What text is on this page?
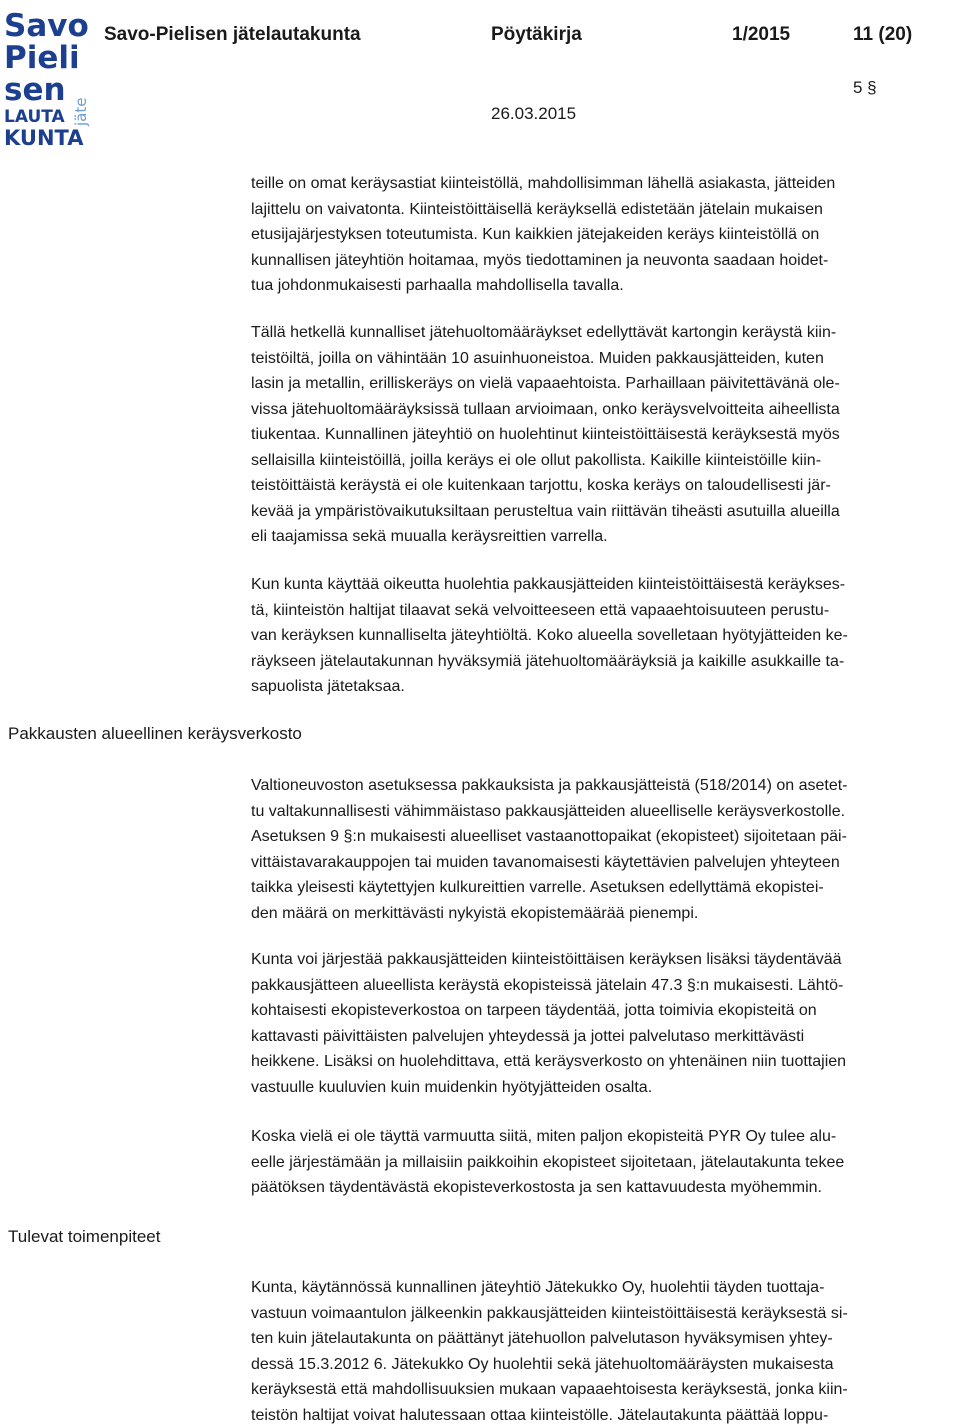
Savo
Pieli
sen
LAUTA jäte
KUNTA
Savo-Pielisen jätelautakunta	Pöytäkirja	1/2015	11 (20)
5 §
26.03.2015
Pakkausten alueellinen keräysverkosto
Tulevat toimenpiteet
teille on omat keräysastiat kiinteistöllä, mahdollisimman lähellä asiakasta, jätteiden
lajittelu on vaivatonta. Kiinteistöittäisellä keräyksellä edistetään jätelain mukaisen
etusijajärjestyksen toteutumista. Kun kaikkien jätejakeiden keräys kiinteistöllä on
kunnallisen jäteyhtiön hoitamaa, myös tiedottaminen ja neuvonta saadaan hoidet-
tua johdonmukaisesti parhaalla mahdollisella tavalla.
Tällä hetkellä kunnalliset jätehuoltomääräykset edellyttävät kartongin keräystä kiin-
teistöiltä, joilla on vähintään 10 asuinhuoneistoa. Muiden pakkausjätteiden, kuten
lasin ja metallin, erilliskeräys on vielä vapaaehtoista. Parhaillaan päivitettävänä ole-
vissa jätehuoltomääräyksissä tullaan arvioimaan, onko keräysvelvoitteita aiheellista
tiukentaa. Kunnallinen jäteyhtiö on huolehtinut kiinteistöittäisestä keräyksestä myös
sellaisilla kiinteistöillä, joilla keräys ei ole ollut pakollista. Kaikille kiinteistöille kiin-
teistöittäistä keräystä ei ole kuitenkaan tarjottu, koska keräys on taloudellisesti jär-
kevää ja ympäristövaikutuksiltaan perusteltua vain riittävän tiheästi asutuilla alueilla
eli taajamissa sekä muualla keräysreittien varrella.
Kun kunta käyttää oikeutta huolehtia pakkausjätteiden kiinteistöittäisestä keräykses-
tä, kiinteistön haltijat tilaavat sekä velvoitteeseen että vapaaehtoisuuteen perustu-
van keräyksen kunnalliselta jäteyhtiöltä. Koko alueella sovelletaan hyötyjätteiden ke-
räykseen jätelautakunnan hyväksymiä jätehuoltomääräyksiä ja kaikille asukkaille ta-
sapuolista jätetaksaa.
Valtioneuvoston asetuksessa pakkauksista ja pakkausjätteistä (518/2014) on asetet-
tu valtakunnallisesti vähimmäistaso pakkausjätteiden alueelliselle keräysverkostolle.
Asetuksen 9 §:n mukaisesti alueelliset vastaanottopaikat (ekopisteet) sijoitetaan päi-
vittäistavarakauppojen tai muiden tavanomaisesti käytettävien palvelujen yhteyteen
taikka yleisesti käytettyjen kulkureittien varrelle. Asetuksen edellyttämä ekopistei-
den määrä on merkittävästi nykyistä ekopistemäärää pienempi.
Kunta voi järjestää pakkausjätteiden kiinteistöittäisen keräyksen lisäksi täydentävää
pakkausjätteen alueellista keräystä ekopisteissä jätelain 47.3 §:n mukaisesti. Lähtö-
kohtaisesti ekopisteverkostoa on tarpeen täydentää, jotta toimivia ekopisteitä on
kattavasti päivittäisten palvelujen yhteydessä ja jottei palvelutaso merkittävästi
heikkene. Lisäksi on huolehdittava, että keräysverkosto on yhtenäinen niin tuottajien
vastuulle kuuluvien kuin muidenkin hyötyjätteiden osalta.
Koska vielä ei ole täyttä varmuutta siitä, miten paljon ekopisteitä PYR Oy tulee alu-
eelle järjestämään ja millaisiin paikkoihin ekopisteet sijoitetaan, jätelautakunta tekee
päätöksen täydentävästä ekopisteverkostosta ja sen kattavuudesta myöhemmin.
Kunta, käytännössä kunnallinen jäteyhtiö Jätekukko Oy, huolehtii täyden tuottaja-
vastuun voimaantulon jälkeenkin pakkausjätteiden kiinteistöittäisestä keräyksestä si-
ten kuin jätelautakunta on päättänyt jätehuollon palvelutason hyväksymisen yhtey-
dessä 15.3.2012 6. Jätekukko Oy huolehtii sekä jätehuoltomääräysten mukaisesta
keräyksestä että mahdollisuuksien mukaan vapaaehtoisesta keräyksestä, jonka kiin-
teistön haltijat voivat halutessaan ottaa kiinteistölle. Jätelautakunta päättää loppu-
